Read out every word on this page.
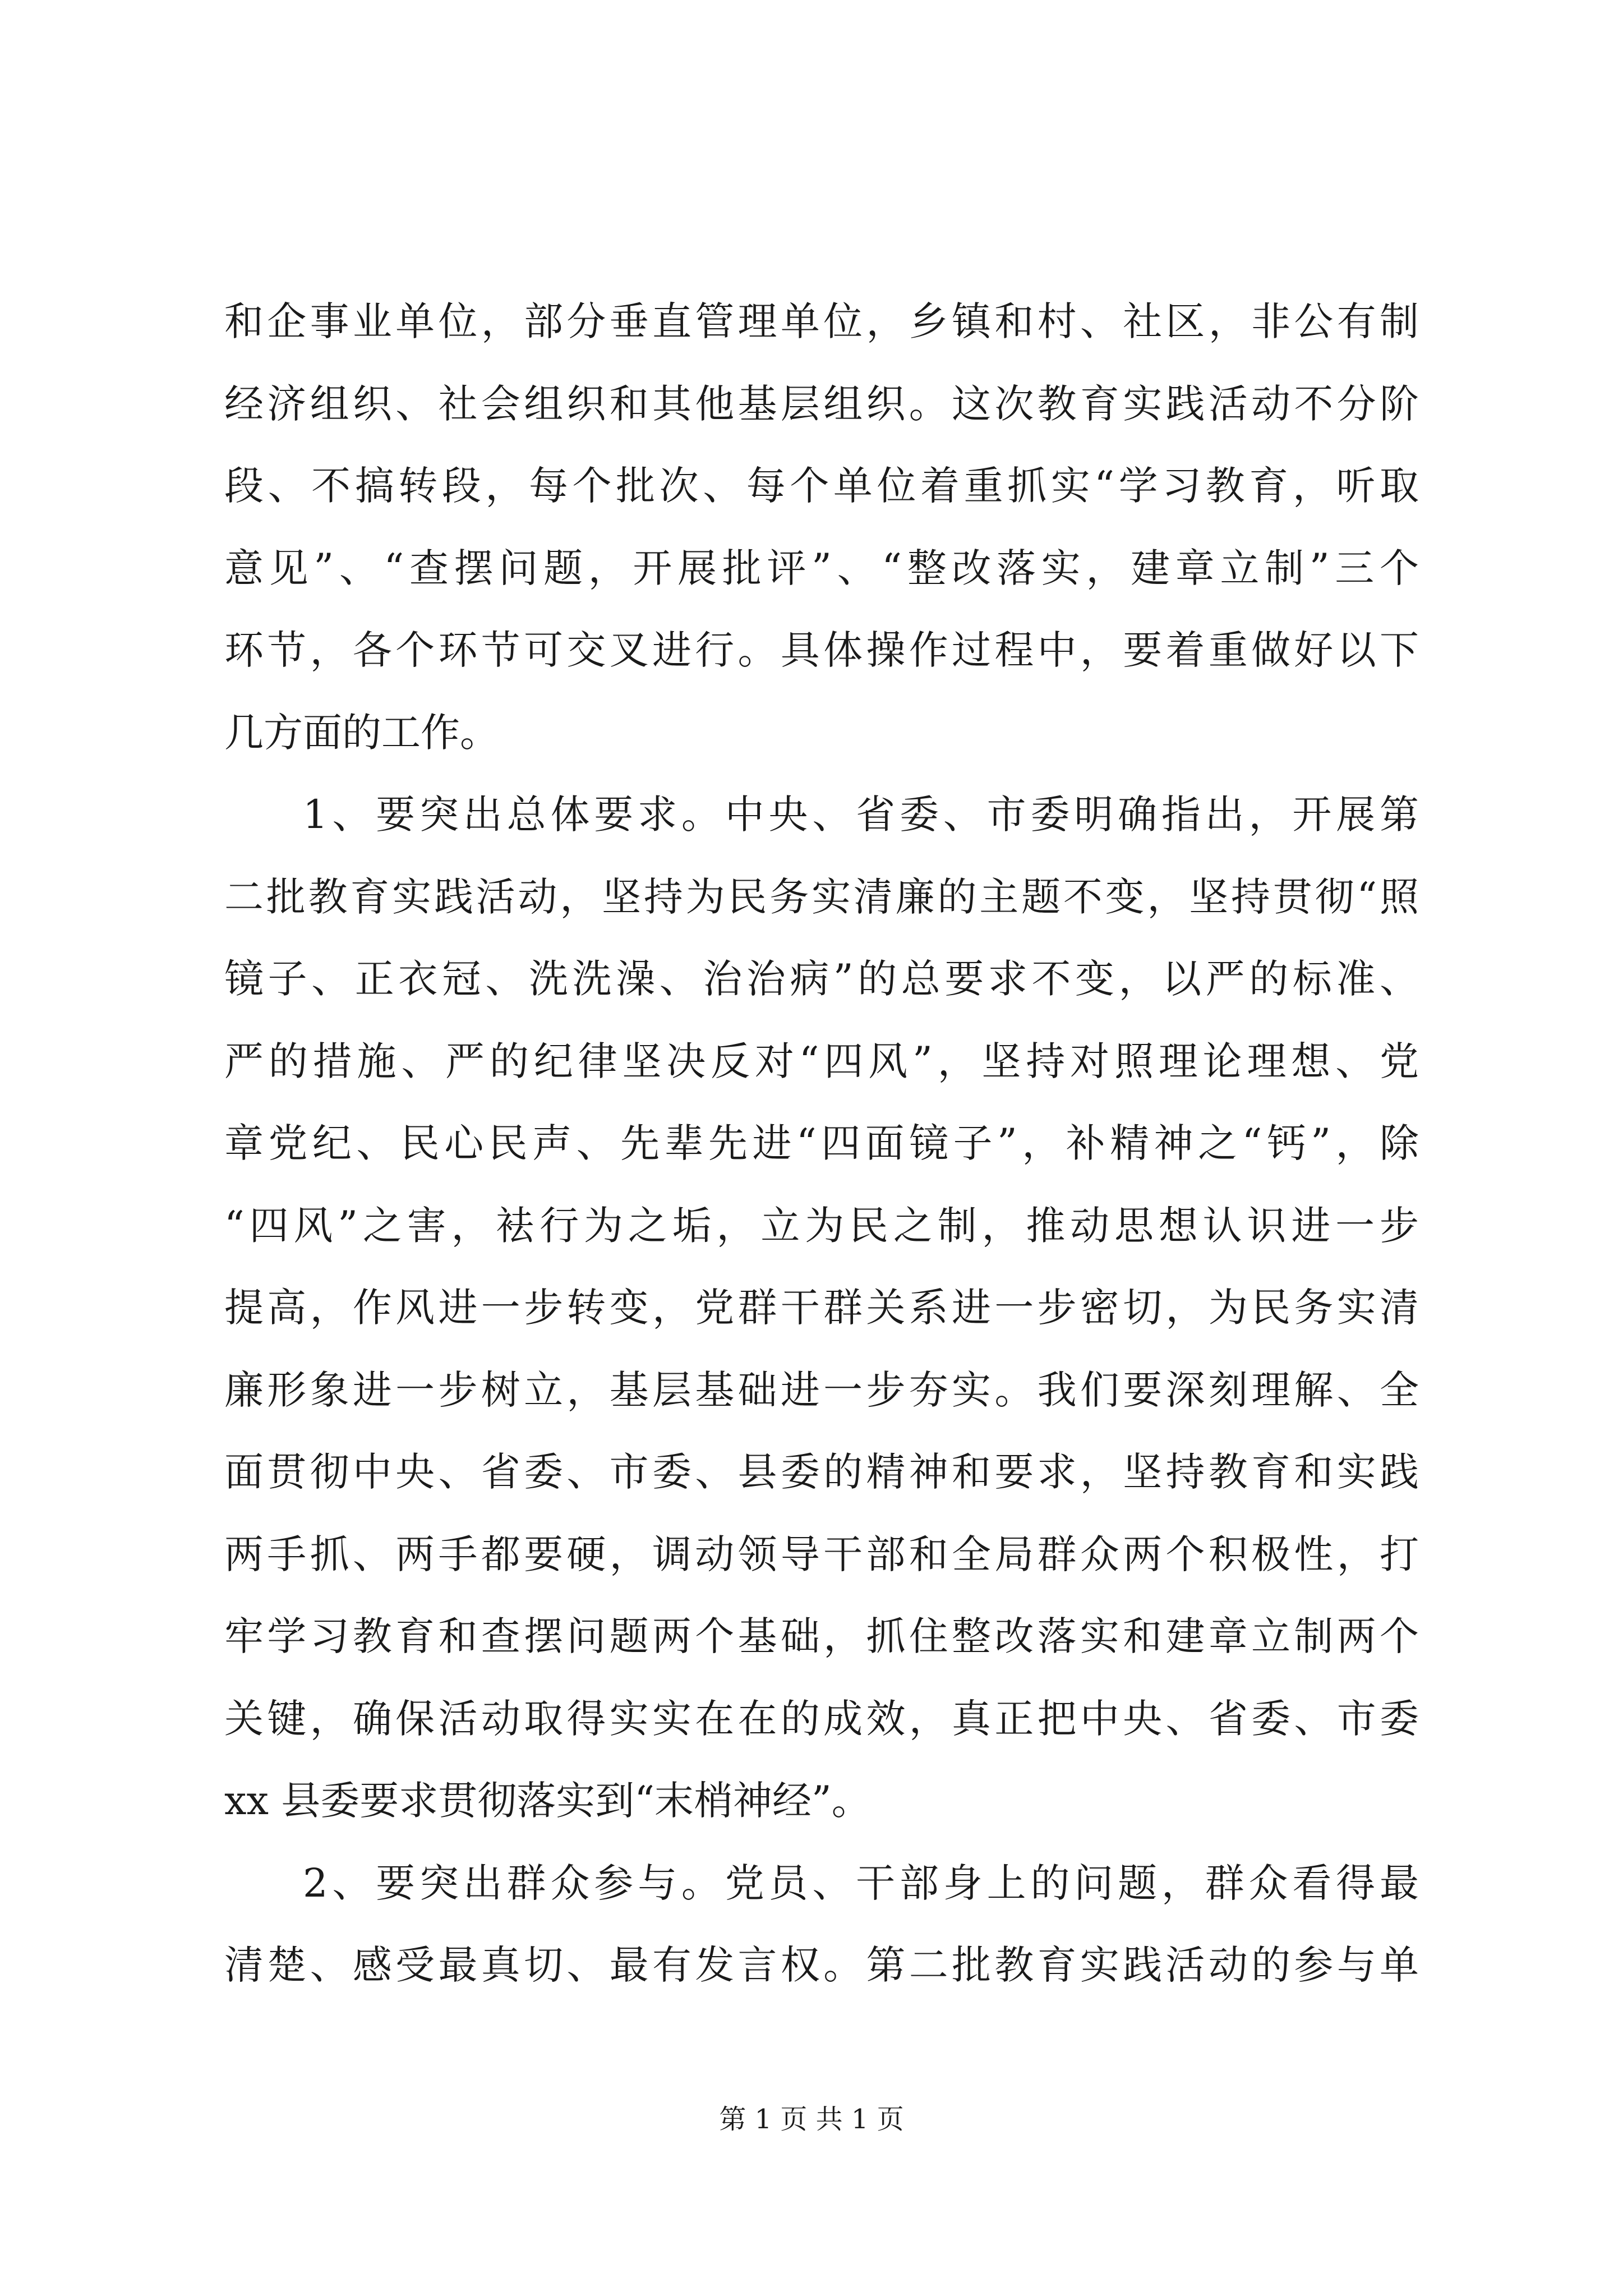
和企事业单位，部分垂直管理单位，乡镇和村、社区，非公有制
经济组织、社会组织和其他基层组织。这次教育实践活动不分阶
段、不搞转段，每个批次、每个单位着重抓实“学习教育，听取
意见”、“查摆问题，开展批评”、“整改落实，建章立制”三个
环节，各个环节可交叉进行。具体操作过程中，要着重做好以下
几方面的工作。
1、要突出总体要求。中央、省委、市委明确指出，开展第
二批教育实践活动，坚持为民务实清廉的主题不变，坚持贯彻“照
镜子、正衣冠、洗洗澡、治治病”的总要求不变，以严的标准、
严的措施、严的纪律坚决反对“四风”，坚持对照理论理想、党
章党纪、民心民声、先辈先进“四面镜子”，补精神之“钙”，除
“四风”之害，袪行为之垢，立为民之制，推动思想认识进一步
提高，作风进一步转变，党群干群关系进一步密切，为民务实清
廉形象进一步树立，基层基础进一步夯实。我们要深刻理解、全
面贯彻中央、省委、市委、县委的精神和要求，坚持教育和实践
两手抓、两手都要硬，调动领导干部和全局群众两个积极性，打
牢学习教育和查摆问题两个基础，抓住整改落实和建章立制两个
关键，确保活动取得实实在在的成效，真正把中央、省委、市委
xx 县委要求贯彻落实到“末梢神经”。
2、要突出群众参与。党员、干部身上的问题，群众看得最
清楚、感受最真切、最有发言权。第二批教育实践活动的参与单
第 1 页 共 1 页
